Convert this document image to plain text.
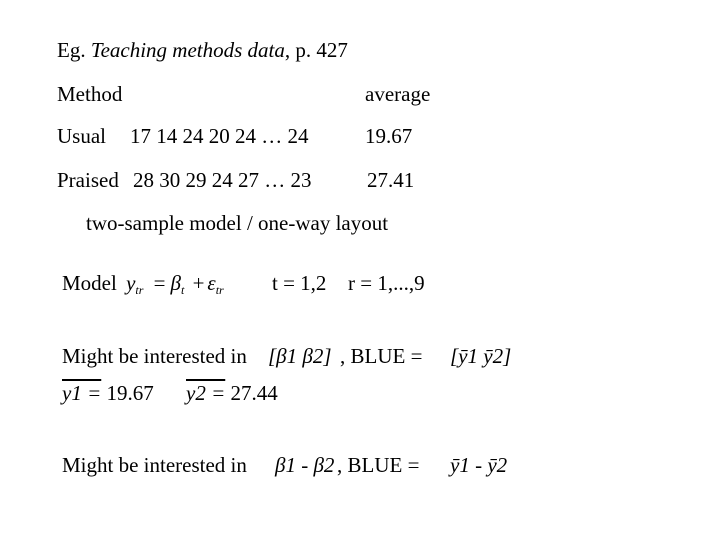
Eg. Teaching methods data, p. 427
Method	average
Usual 17 14 24 20 24 … 24	19.67
Praised 28 30 29 24 27 … 23	27.41
two-sample model / one-way layout
Model $y_{tr} = \beta_t + \varepsilon_{tr}$ t = 1,2 r = 1,...,9
Might be interested in [β1 β2] , BLUE = [ȳ1 ȳ2]
y1 = 19.67 y2 = 27.44
Might be interested in β1 - β2 , BLUE = ȳ1 - ȳ2
